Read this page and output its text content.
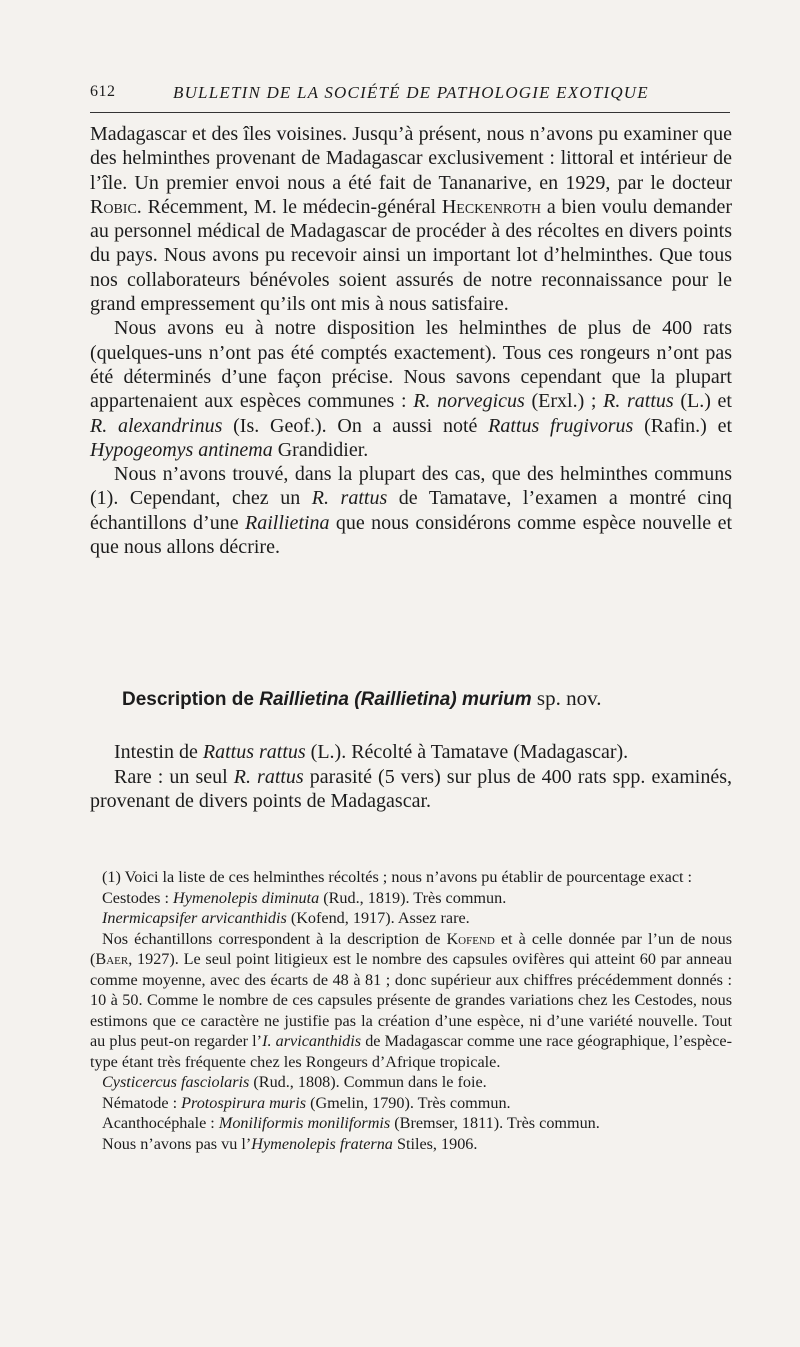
612	BULLETIN DE LA SOCIÉTÉ DE PATHOLOGIE EXOTIQUE

Madagascar et des îles voisines. Jusqu’à présent, nous n’avons pu examiner que des helminthes provenant de Madagascar exclusivement : littoral et intérieur de l’île. Un premier envoi nous a été fait de Tananarive, en 1929, par le docteur Robic. Récemment, M. le médecin-général Heckenroth a bien voulu demander au personnel médical de Madagascar de procéder à des récoltes en divers points du pays. Nous avons pu recevoir ainsi un important lot d’helminthes. Que tous nos collaborateurs bénévoles soient assurés de notre reconnaissance pour le grand empressement qu’ils ont mis à nous satisfaire.

Nous avons eu à notre disposition les helminthes de plus de 400 rats (quelques-uns n’ont pas été comptés exactement). Tous ces rongeurs n’ont pas été déterminés d’une façon précise. Nous savons cependant que la plupart appartenaient aux espèces communes : R. norvegicus (Erxl.) ; R. rattus (L.) et R. alexandrinus (Is. Geof.). On a aussi noté Rattus frugivorus (Rafin.) et Hypogeomys antinema Grandidier.

Nous n’avons trouvé, dans la plupart des cas, que des helminthes communs (1). Cependant, chez un R. rattus de Tamatave, l’examen a montré cinq échantillons d’une Raillietina que nous considérons comme espèce nouvelle et que nous allons décrire.

Description de Raillietina (Raillietina) murium sp. nov.

Intestin de Rattus rattus (L.). Récolté à Tamatave (Madagascar).

Rare : un seul R. rattus parasité (5 vers) sur plus de 400 rats spp. examinés, provenant de divers points de Madagascar.

(1) Voici la liste de ces helminthes récoltés ; nous n’avons pu établir de pourcentage exact :

Cestodes : Hymenolepis diminuta (Rud., 1819). Très commun.

Inermicapsifer arvicanthidis (Kofend, 1917). Assez rare.

Nos échantillons correspondent à la description de Kofend et à celle donnée par l’un de nous (Baer, 1927). Le seul point litigieux est le nombre des capsules ovifères qui atteint 60 par anneau comme moyenne, avec des écarts de 48 à 81 ; donc supérieur aux chiffres précédemment donnés : 10 à 50. Comme le nombre de ces capsules présente de grandes variations chez les Cestodes, nous estimons que ce caractère ne justifie pas la création d’une espèce, ni d’une variété nouvelle. Tout au plus peut-on regarder l’I. arvicanthidis de Madagascar comme une race géographique, l’espèce-type étant très fréquente chez les Rongeurs d’Afrique tropicale.

Cysticercus fasciolaris (Rud., 1808). Commun dans le foie.

Nématode : Protospirura muris (Gmelin, 1790). Très commun.

Acanthocéphale : Moniliformis moniliformis (Bremser, 1811). Très commun.

Nous n’avons pas vu l’Hymenolepis fraterna Stiles, 1906.
